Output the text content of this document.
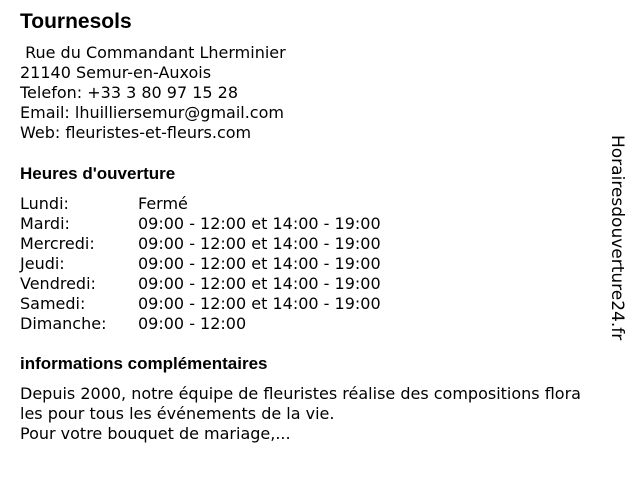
Tournesols
Rue du Commandant Lherminier
21140 Semur-en-Auxois
Telefon: +33 3 80 97 15 28
Email: lhuilliersemur@gmail.com
Web: fleuristes-et-fleurs.com
Heures d'ouverture
Lundi:	Fermé
Mardi:	09:00 - 12:00 et 14:00 - 19:00
Mercredi:	09:00 - 12:00 et 14:00 - 19:00
Jeudi:	09:00 - 12:00 et 14:00 - 19:00
Vendredi:	09:00 - 12:00 et 14:00 - 19:00
Samedi:	09:00 - 12:00 et 14:00 - 19:00
Dimanche: 09:00 - 12:00
informations complémentaires
Depuis 2000, notre équipe de fleuristes réalise des compositions flora
les pour tous les événements de la vie.
Pour votre bouquet de mariage,...
Horairesdouverture24.fr
